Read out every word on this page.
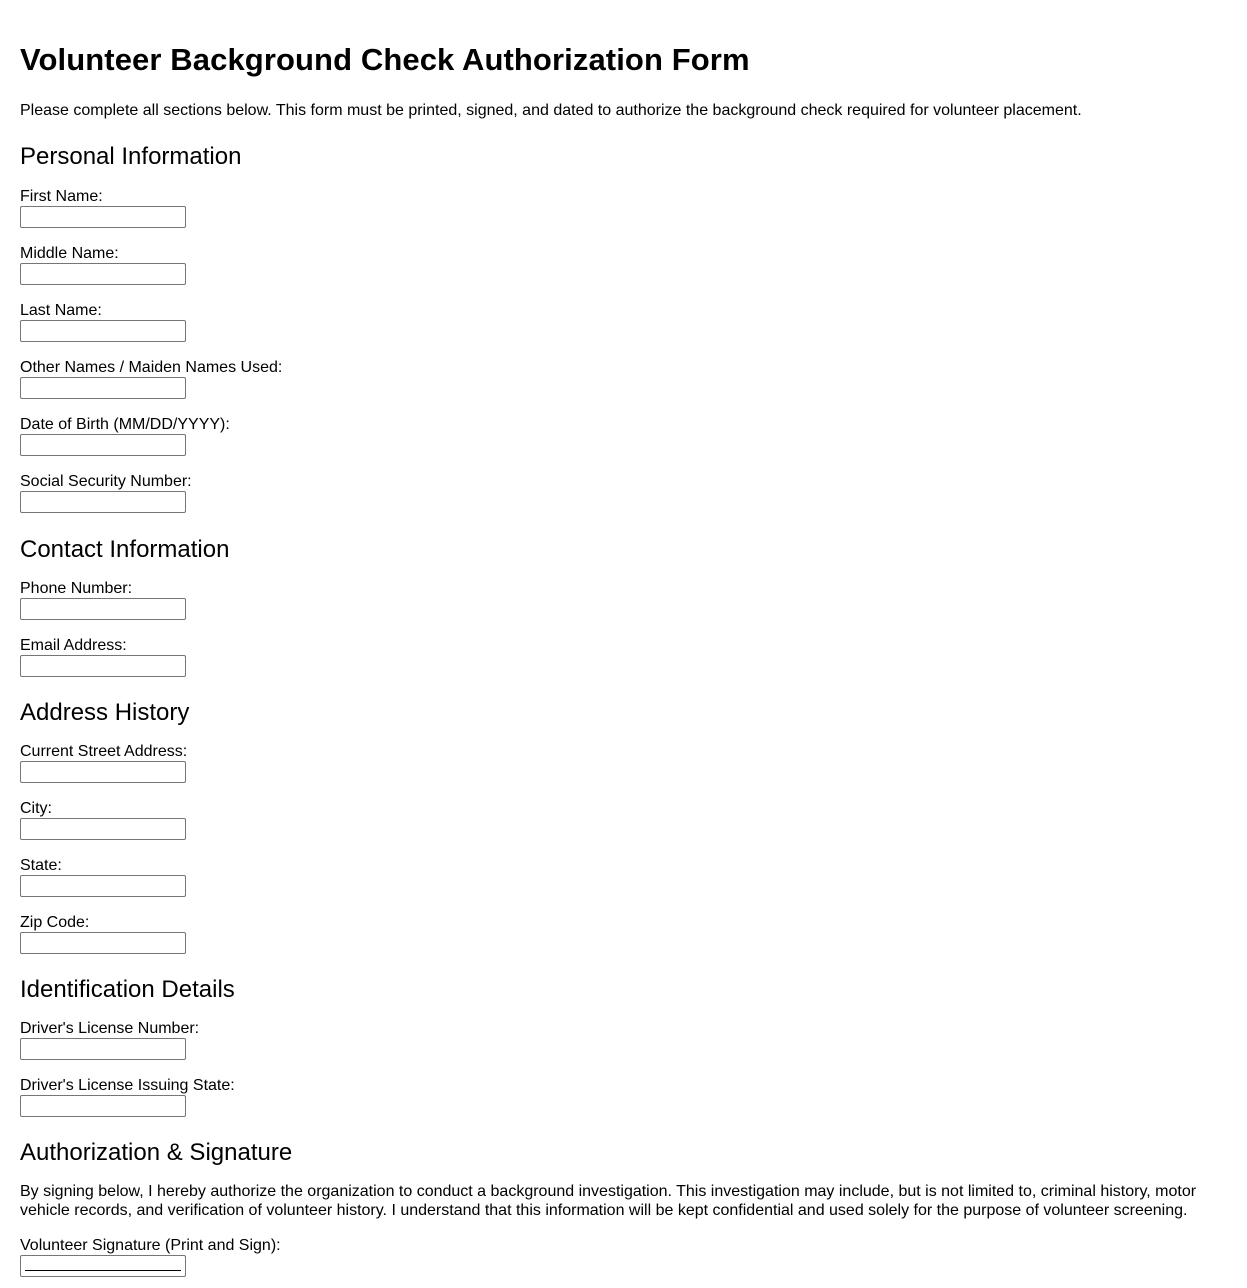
Volunteer Background Check Authorization Form

Please complete all sections below. This form must be printed, signed, and dated to authorize the background check required for volunteer placement.

Personal Information
First Name:
Middle Name:
Last Name:
Other Names / Maiden Names Used:
Date of Birth (MM/DD/YYYY):
Social Security Number:
Contact Information
Phone Number:
Email Address:
Address History
Current Street Address:
City:
State:
Zip Code:
Identification Details
Driver's License Number:
Driver's License Issuing State:
Authorization & Signature

By signing below, I hereby authorize the organization to conduct a background investigation. This investigation may include, but is not limited to, criminal history, motor vehicle records, and verification of volunteer history. I understand that this information will be kept confidential and used solely for the purpose of volunteer screening.

Volunteer Signature (Print and Sign):
